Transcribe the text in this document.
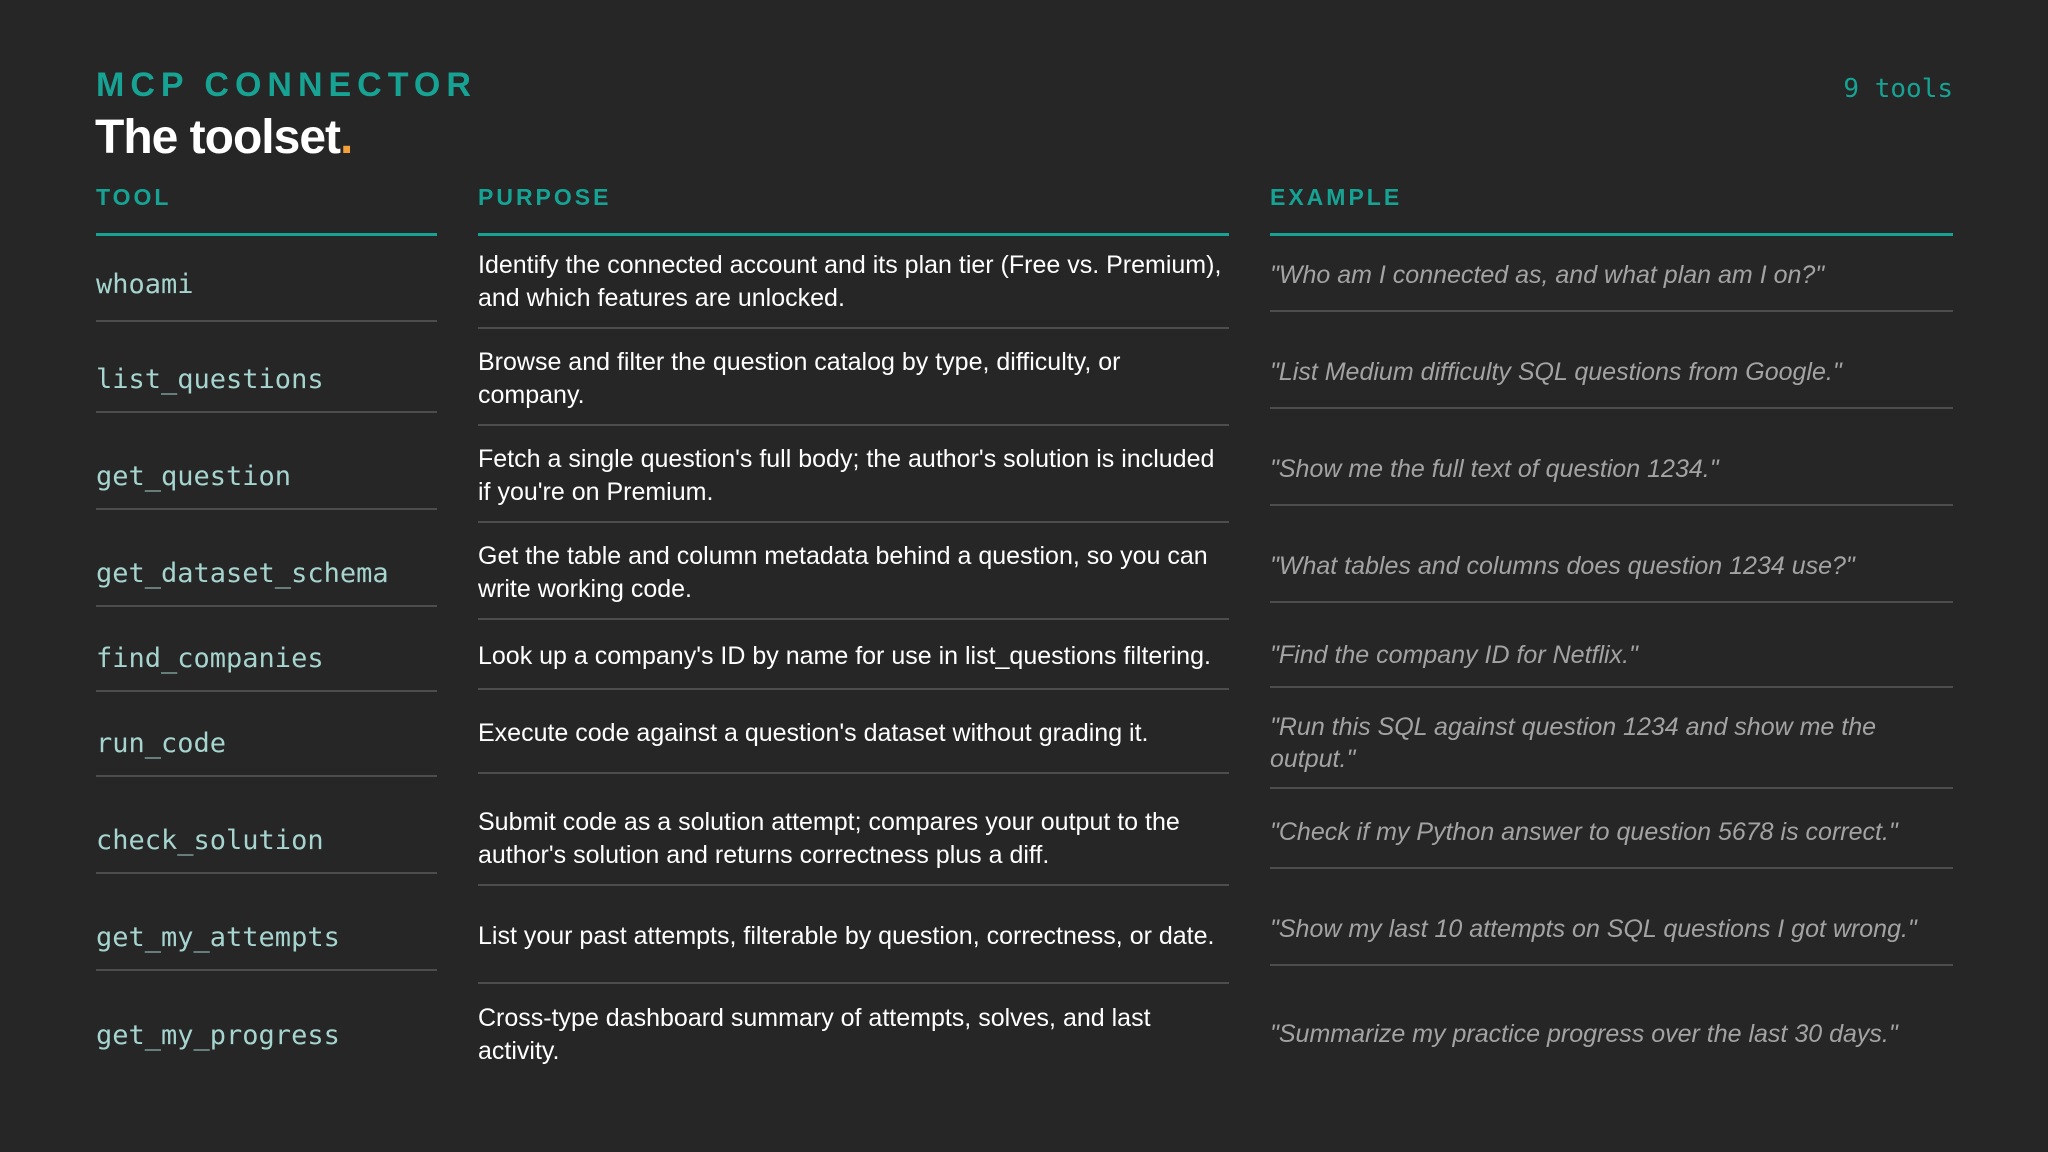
MCP CONNECTOR
The toolset.
9 tools
TOOL
whoami
list_questions
get_question
get_dataset_schema
find_companies
run_code
check_solution
get_my_attempts
get_my_progress
PURPOSE
Identify the connected account and its plan tier (Free vs. Premium), and which features are unlocked.
Browse and filter the question catalog by type, difficulty, or company.
Fetch a single question's full body; the author's solution is included if you're on Premium.
Get the table and column metadata behind a question, so you can write working code.
Look up a company's ID by name for use in list_questions filtering.
Execute code against a question's dataset without grading it.
Submit code as a solution attempt; compares your output to the author's solution and returns correctness plus a diff.
List your past attempts, filterable by question, correctness, or date.
Cross-type dashboard summary of attempts, solves, and last activity.
EXAMPLE
"Who am I connected as, and what plan am I on?"
"List Medium difficulty SQL questions from Google."
"Show me the full text of question 1234."
"What tables and columns does question 1234 use?"
"Find the company ID for Netflix."
"Run this SQL against question 1234 and show me the output."
"Check if my Python answer to question 5678 is correct."
"Show my last 10 attempts on SQL questions I got wrong."
"Summarize my practice progress over the last 30 days."
